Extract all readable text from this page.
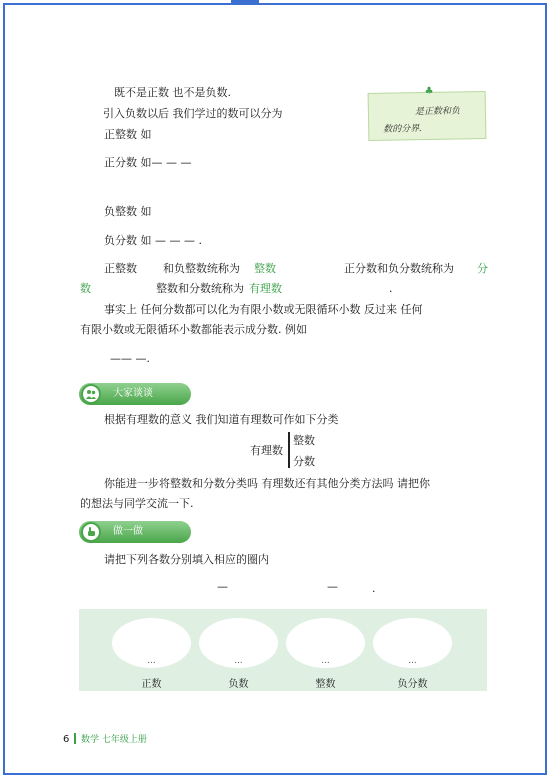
既不是正数 也不是负数.
引入负数以后 我们学过的数可以分为
正整数 如
正分数 如— — —
负整数 如
负分数 如 — — — .
正整数 和负整数统称为 整数	正分数和负分数统称为 分
数	整数和分数统称为 有理数	.
事实上 任何分数都可以化为有限小数或无限循环小数 反过来 任何
有限小数或无限循环小数都能表示成分数. 例如
—— —.
♣
是正数和负
数的分界.
大家谈谈
根据有理数的意义 我们知道有理数可作如下分类
有理数
整数
分数
你能进一步将整数和分数分类吗 有理数还有其他分类方法吗 请把你
的想法与同学交流一下.
做一做
请把下列各数分别填入相应的圈内
—	—	.
...	...	...	...
正数	负数	整数	负分数
6 数学 七年级上册
